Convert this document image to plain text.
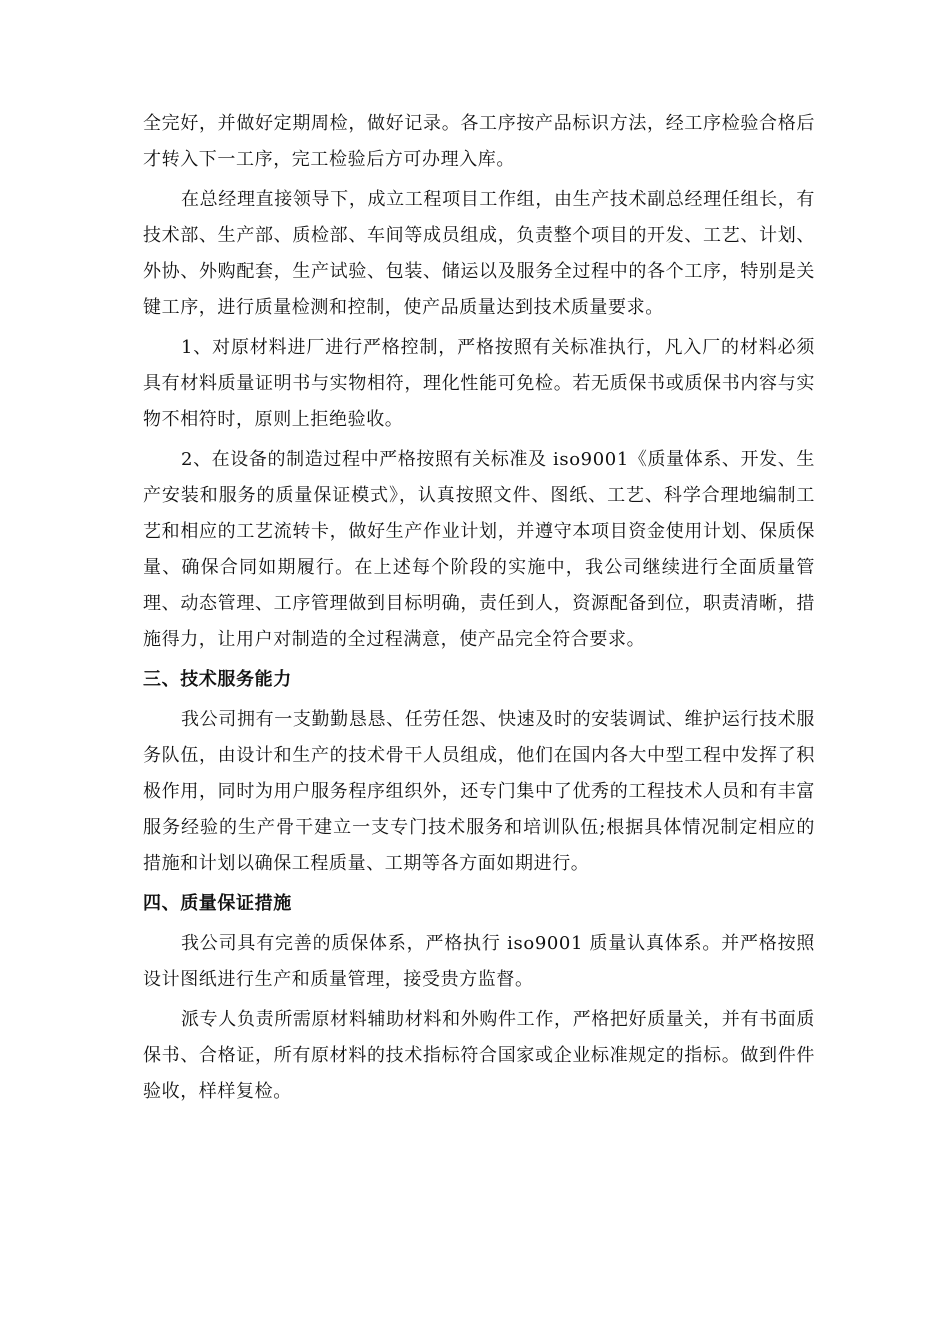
全完好，并做好定期周检，做好记录。各工序按产品标识方法，经工序检验合格后才转入下一工序，完工检验后方可办理入库。

在总经理直接领导下，成立工程项目工作组，由生产技术副总经理任组长，有技术部、生产部、质检部、车间等成员组成，负责整个项目的开发、工艺、计划、外协、外购配套，生产试验、包装、储运以及服务全过程中的各个工序，特别是关键工序，进行质量检测和控制，使产品质量达到技术质量要求。

1、对原材料进厂进行严格控制，严格按照有关标准执行，凡入厂的材料必须具有材料质量证明书与实物相符，理化性能可免检。若无质保书或质保书内容与实物不相符时，原则上拒绝验收。

2、在设备的制造过程中严格按照有关标准及 iso9001《质量体系、开发、生产安装和服务的质量保证模式》，认真按照文件、图纸、工艺、科学合理地编制工艺和相应的工艺流转卡，做好生产作业计划，并遵守本项目资金使用计划、保质保量、确保合同如期履行。在上述每个阶段的实施中，我公司继续进行全面质量管理、动态管理、工序管理做到目标明确，责任到人，资源配备到位，职责清晰，措施得力，让用户对制造的全过程满意，使产品完全符合要求。

三、技术服务能力

我公司拥有一支勤勤恳恳、任劳任怨、快速及时的安装调试、维护运行技术服务队伍，由设计和生产的技术骨干人员组成，他们在国内各大中型工程中发挥了积极作用，同时为用户服务程序组织外，还专门集中了优秀的工程技术人员和有丰富服务经验的生产骨干建立一支专门技术服务和培训队伍;根据具体情况制定相应的措施和计划以确保工程质量、工期等各方面如期进行。

四、质量保证措施

我公司具有完善的质保体系，严格执行 iso9001 质量认真体系。并严格按照设计图纸进行生产和质量管理，接受贵方监督。

派专人负责所需原材料辅助材料和外购件工作，严格把好质量关，并有书面质保书、合格证，所有原材料的技术指标符合国家或企业标准规定的指标。做到件件验收，样样复检。
